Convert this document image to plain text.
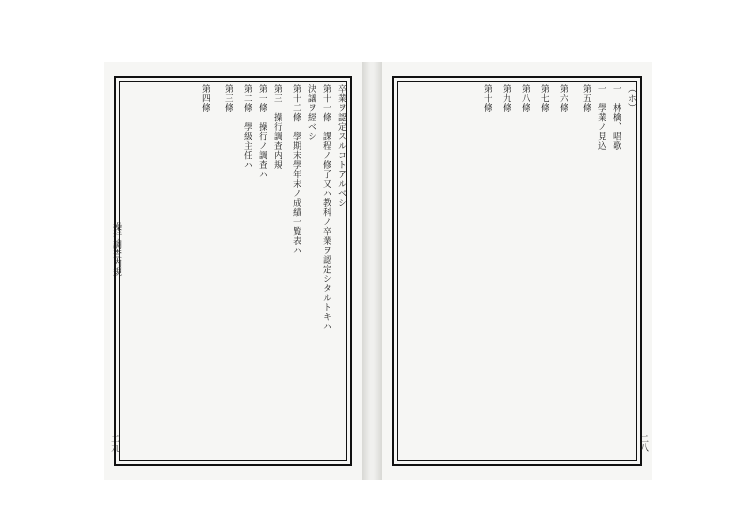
卒業ヲ認定スルコトアルベシ
第十一條　課程ノ修了又ハ教科ノ卒業ヲ認定シタルトキハ
決議ヲ經ベシ
第十二條　學期末學年末ノ成績一覧表ハ
第三　操行調査内規
第一條　操行ノ調査ハ
第二條　學級主任ハ
第三條
第四條
操行調査内規
二九
（ホ）
一　林檎、唱歌
一　學業ノ見込
第五條
第六條
第七條
第八條
第九條
第十條
二八
